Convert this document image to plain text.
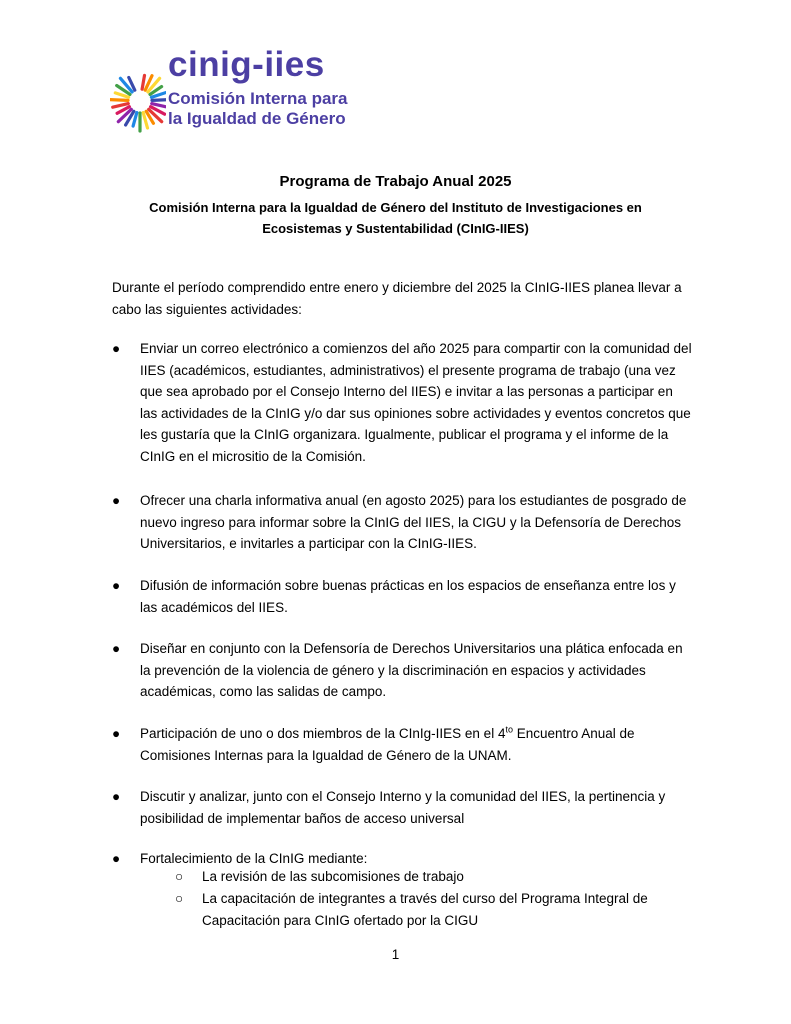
cinig-iies
Comisión Interna para
la Igualdad de Género
Programa de Trabajo Anual 2025
Comisión Interna para la Igualdad de Género del Instituto de Investigaciones en Ecosistemas y Sustentabilidad (CInIG-IIES)
Durante el período comprendido entre enero y diciembre del 2025 la CInIG-IIES planea llevar a cabo las siguientes actividades:
●	Enviar un correo electrónico a comienzos del año 2025 para compartir con la comunidad del IIES (académicos, estudiantes, administrativos) el presente programa de trabajo (una vez que sea aprobado por el Consejo Interno del IIES) e invitar a las personas a participar en las actividades de la CInIG y/o dar sus opiniones sobre actividades y eventos concretos que les gustaría que la CInIG organizara. Igualmente, publicar el programa y el informe de la CInIG en el micrositio de la Comisión.
●	Ofrecer una charla informativa anual (en agosto 2025) para los estudiantes de posgrado de nuevo ingreso para informar sobre la CInIG del IIES, la CIGU y la Defensoría de Derechos Universitarios, e invitarles a participar con la CInIG-IIES.
●	Difusión de información sobre buenas prácticas en los espacios de enseñanza entre los y las académicos del IIES.
●	Diseñar en conjunto con la Defensoría de Derechos Universitarios una plática enfocada en la prevención de la violencia de género y la discriminación en espacios y actividades académicas, como las salidas de campo.
●	Participación de uno o dos miembros de la CInIg-IIES en el $4^{to}$ Encuentro Anual de Comisiones Internas para la Igualdad de Género de la UNAM.
●	Discutir y analizar, junto con el Consejo Interno y la comunidad del IIES, la pertinencia y posibilidad de implementar baños de acceso universal
●	Fortalecimiento de la CInIG mediante:
○ La revisión de las subcomisiones de trabajo
○ La capacitación de integrantes a través del curso del Programa Integral de Capacitación para CInIG ofertado por la CIGU
1
